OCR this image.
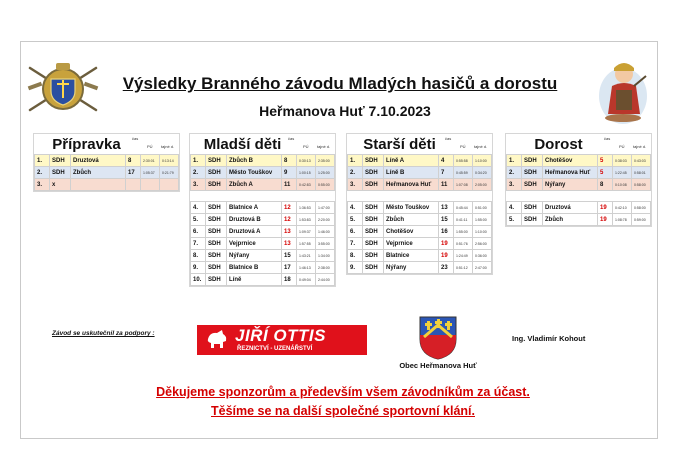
Výsledky Branného závodu Mladých hasičů a dorostu
Heřmanova Huť 7.10.2023
Přípravka	čas
PÚ tajné d.
1.	SDH	Druztová	8	2:30:01	0:13:14
2.	SDH	Zbůch	17	1:05:37	0:21:79
3.	x				
Mladší děti	čas
PÚ tajné d.
1.	SDH	Zbůch B	8	0:30:13	2:35:00
2.	SDH	Město Touškov	9	1:00:15	1:25:00
3.	SDH	Zbůch A	11	0:42:83	0:55:00
4.	SDH	Blatnice A	12	1:36:53	1:47:00
5.	SDH	Druztová B	12	1:53:83	2:20:00
6.	SDH	Druztová A	13	1:09:37	1:46:00
7.	SDH	Vejprnice	13	1:57:55	3:55:00
8.	SDH	Nýřany	15	1:43:21	1:34:00
9.	SDH	Blatnice B	17	1:46:13	2:38:00
10.	SDH	Líně	18	0:49:04	2:44:00
Starší děti	čas
PÚ tajné d.
1.	SDH	Líně A	4	0:55:58	1:10:00
2.	SDH	Líně B	7	0:45:59	0:34:20
3.	SDH	Heřmanova Huť	11	1:07:08	2:05:00
4.	SDH	Město Touškov	13	0:45:44	0:51:00
5.	SDH	Zbůch	15	0:41:11	1:55:00
6.	SDH	Chotěšov	16	1:55:00	1:10:00
7.	SDH	Vejprnice	19	0:51:76	2:56:00
8.	SDH	Blatnice	19	1:24:49	0:36:00
9.	SDH	Nýřany	23	0:51:12	2:47:00
Dorost	čas
PÚ tajné d.
1.	SDH	Chotěšov	5	0:38:03	0:43:03
2.	SDH	Heřmanova Huť	5	1:22:45	0:58:01
3.	SDH	Nýřany	8	0:10:08	0:58:00
4.	SDH	Druztová	19	0:42:10	0:58:00
5.	SDH	Zbůch	19	1:08:78	0:59:00
Závod se uskutečnil za podpory :	JIŘÍ OTTIS
ŘEZNICTVÍ - UZENÁŘSTVÍ
Obec Heřmanova Huť
Ing. Vladimír Kohout
Děkujeme sponzorům a především všem závodníkům za účast.
Těšíme se na další společné sportovní klání.
